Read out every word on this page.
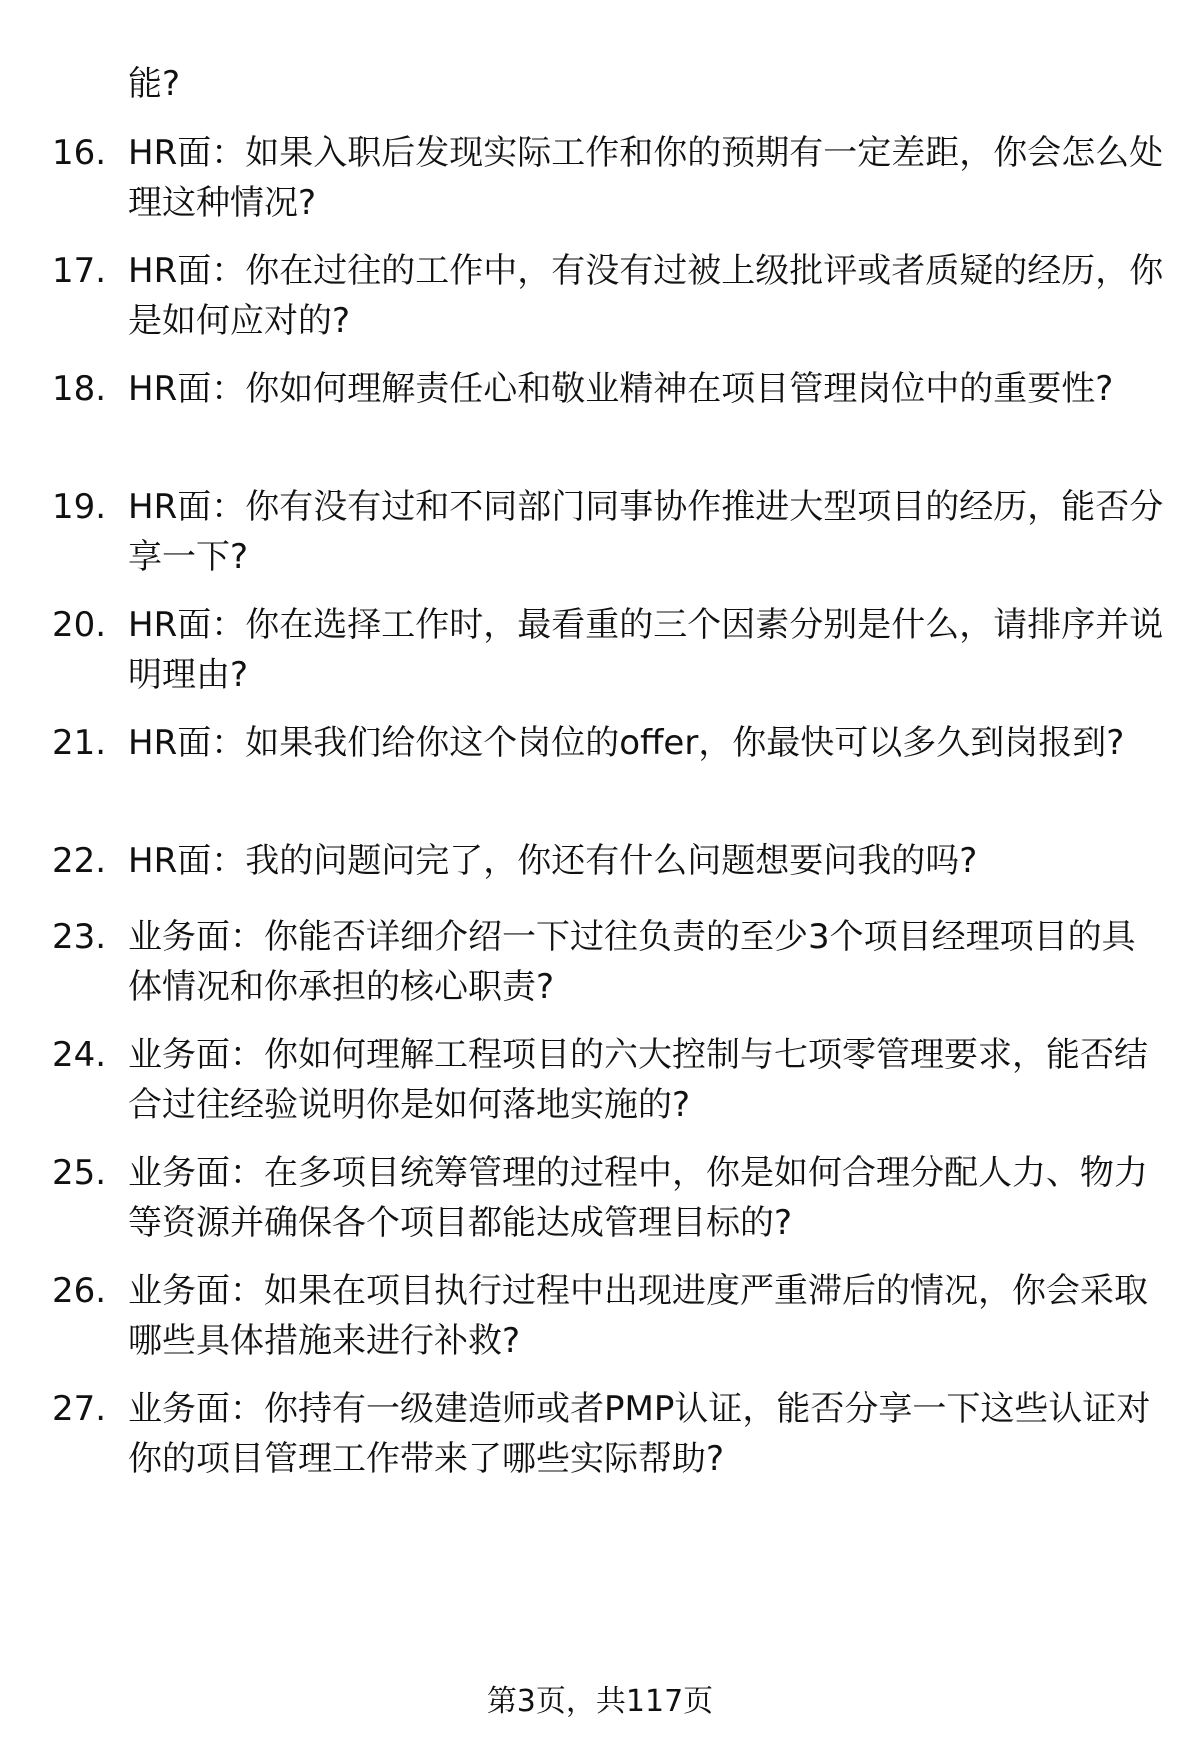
能?
16. HR面：如果入职后发现实际工作和你的预期有一定差距，你会怎么处理这种情况?
17. HR面：你在过往的工作中，有没有过被上级批评或者质疑的经历，你是如何应对的?
18. HR面：你如何理解责任心和敬业精神在项目管理岗位中的重要性?
19. HR面：你有没有过和不同部门同事协作推进大型项目的经历，能否分享一下?
20. HR面：你在选择工作时，最看重的三个因素分别是什么，请排序并说明理由?
21. HR面：如果我们给你这个岗位的offer，你最快可以多久到岗报到?
22. HR面：我的问题问完了，你还有什么问题想要问我的吗?
23. 业务面：你能否详细介绍一下过往负责的至少3个项目经理项目的具体情况和你承担的核心职责?
24. 业务面：你如何理解工程项目的六大控制与七项零管理要求，能否结合过往经验说明你是如何落地实施的?
25. 业务面：在多项目统筹管理的过程中，你是如何合理分配人力、物力等资源并确保各个项目都能达成管理目标的?
26. 业务面：如果在项目执行过程中出现进度严重滞后的情况，你会采取哪些具体措施来进行补救?
27. 业务面：你持有一级建造师或者PMP认证，能否分享一下这些认证对你的项目管理工作带来了哪些实际帮助?
第3页，共117页
